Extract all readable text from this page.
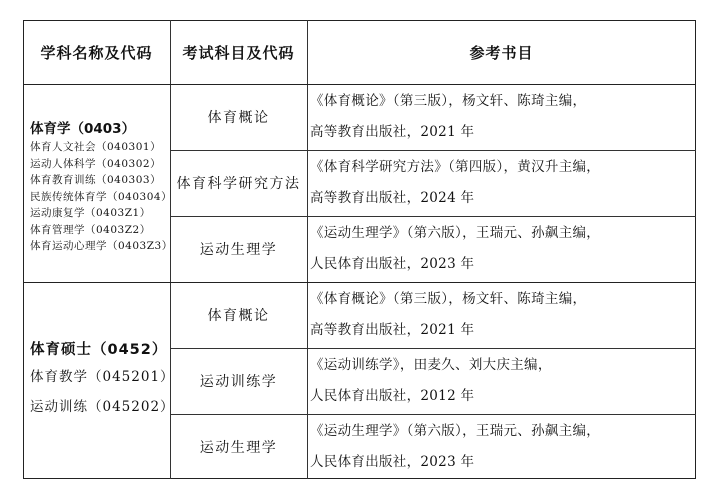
学科名称及代码	考试科目及代码	参考书目
体育学（0403）
体育人文社会（040301）
运动人体科学（040302）
体育教育训练（040303）
民族传统体育学（040304）
运动康复学（0403Z1）
体育管理学（0403Z2）
体育运动心理学（0403Z3）
体育硕士（0452）
体育教学（045201）
运动训练（045202）
体育概论
《体育概论》（第三版），杨文轩、陈琦主编，
高等教育出版社，2021 年
体育科学研究方法
《体育科学研究方法》（第四版），黄汉升主编，
高等教育出版社，2024 年
运动生理学
《运动生理学》（第六版），王瑞元、孙飙主编，
人民体育出版社，2023 年
体育概论
《体育概论》（第三版），杨文轩、陈琦主编，
高等教育出版社，2021 年
运动训练学
《运动训练学》，田麦久、刘大庆主编，
人民体育出版社，2012 年
运动生理学
《运动生理学》（第六版），王瑞元、孙飙主编，
人民体育出版社，2023 年
